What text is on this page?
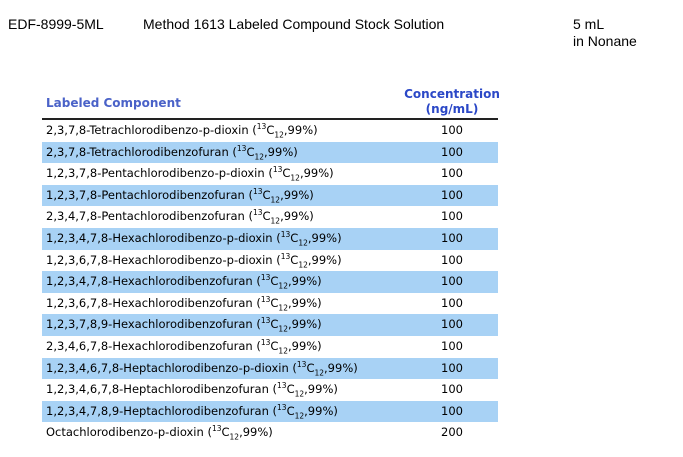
EDF-8999-5ML	Method 1613 Labeled Compound Stock Solution	5 mL
in Nonane
Labeled Component
Concentration
(ng/mL)
2,3,7,8-Tetrachlorodibenzo-p-dioxin $(^{13}C_{12},99\%)$	100
2,3,7,8-Tetrachlorodibenzofuran $(^{13}C_{12},99\%)$	100
1,2,3,7,8-Pentachlorodibenzo-p-dioxin $(^{13}C_{12},99\%)$	100
1,2,3,7,8-Pentachlorodibenzofuran $(^{13}C_{12},99\%)$	100
2,3,4,7,8-Pentachlorodibenzofuran $(^{13}C_{12},99\%)$	100
1,2,3,4,7,8-Hexachlorodibenzo-p-dioxin $(^{13}C_{12},99\%)$	100
1,2,3,6,7,8-Hexachlorodibenzo-p-dioxin $(^{13}C_{12},99\%)$	100
1,2,3,4,7,8-Hexachlorodibenzofuran $(^{13}C_{12},99\%)$	100
1,2,3,6,7,8-Hexachlorodibenzofuran $(^{13}C_{12},99\%)$	100
1,2,3,7,8,9-Hexachlorodibenzofuran $(^{13}C_{12},99\%)$	100
2,3,4,6,7,8-Hexachlorodibenzofuran $(^{13}C_{12},99\%)$	100
1,2,3,4,6,7,8-Heptachlorodibenzo-p-dioxin $(^{13}C_{12},99\%)$	100
1,2,3,4,6,7,8-Heptachlorodibenzofuran $(^{13}C_{12},99\%)$	100
1,2,3,4,7,8,9-Heptachlorodibenzofuran $(^{13}C_{12},99\%)$	100
Octachlorodibenzo-p-dioxin $(^{13}C_{12},99\%)$	200
